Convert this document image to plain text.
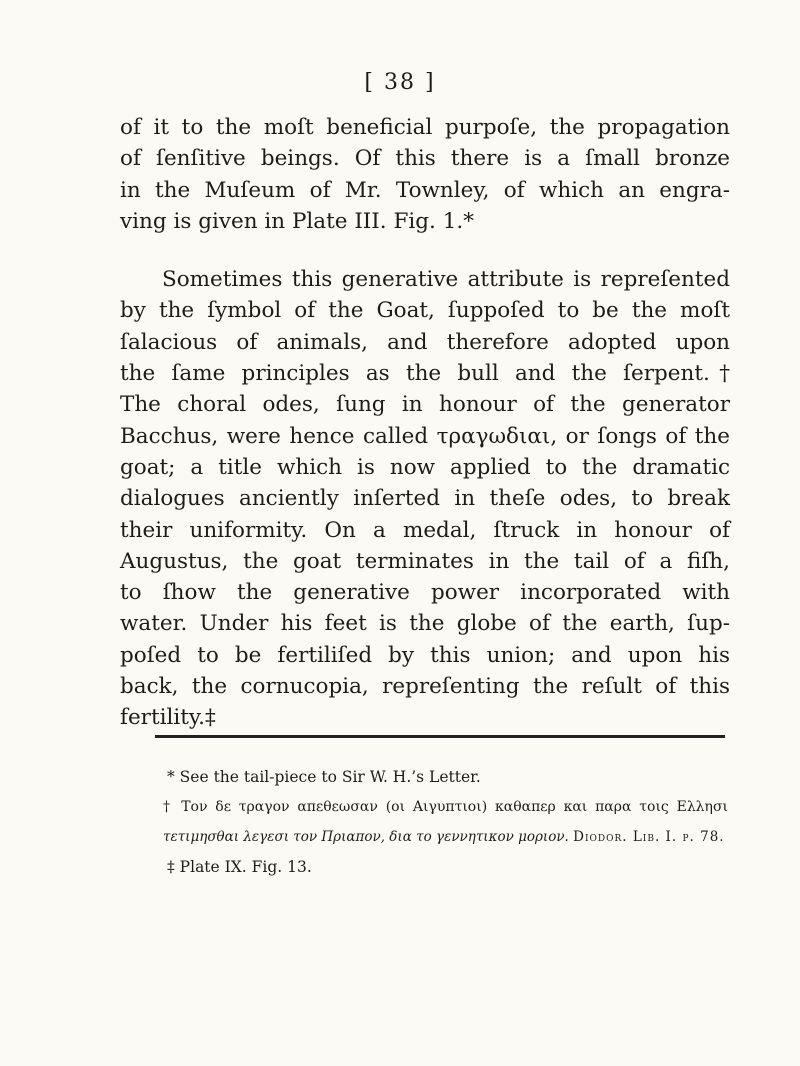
[ 38 ]
of it to the moſt beneficial purpoſe, the propagation
of ſenſitive beings. Of this there is a ſmall bronze
in the Muſeum of Mr. Townley, of which an engra-
ving is given in Plate III. Fig. 1.*
Sometimes this generative attribute is repreſented
by the ſymbol of the Goat, ſuppoſed to be the moſt
ſalacious of animals, and therefore adopted upon
the ſame principles as the bull and the ſerpent.†
The choral odes, ſung in honour of the generator
Bacchus, were hence called τραγωδιαι, or ſongs of the
goat; a title which is now applied to the dramatic
dialogues anciently inſerted in theſe odes, to break
their uniformity. On a medal, ſtruck in honour of
Augustus, the goat terminates in the tail of a fiſh,
to ſhow the generative power incorporated with
water. Under his feet is the globe of the earth, ſup-
poſed to be fertiliſed by this union; and upon his
back, the cornucopia, repreſenting the reſult of this
fertility.‡
* See the tail-piece to Sir W. H.’s Letter.
† Τον δε τραγον απεθεωσαν (οι Αιγυπτιοι) καθαπερ και παρα τοις Ελλησι
τετιμησθαι λεγεσι τον Πριαπον, δια το γεννητικον μοριον. Diodor. Lib. I. p. 78.
‡ Plate IX. Fig. 13.
